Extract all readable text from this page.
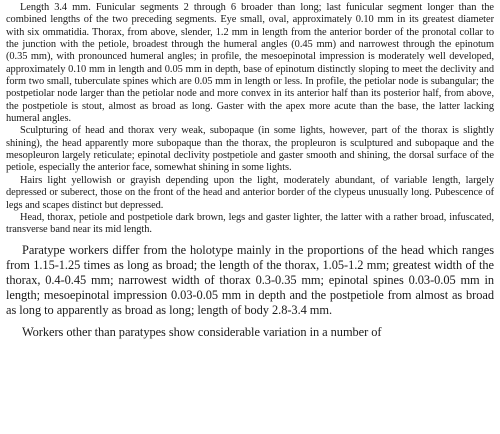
Length 3.4 mm. Funicular segments 2 through 6 broader than long; last funicular segment longer than the combined lengths of the two preceding segments. Eye small, oval, approximately 0.10 mm in its greatest diameter with six ommatidia. Thorax, from above, slender, 1.2 mm in length from the anterior border of the pronotal collar to the junction with the petiole, broadest through the humeral angles (0.45 mm) and narrowest through the epinotum (0.35 mm), with pronounced humeral angles; in profile, the mesoepinotal impression is moderately well developed, approximately 0.10 mm in length and 0.05 mm in depth, base of epinotum distinctly sloping to meet the declivity and form two small, tuberculate spines which are 0.05 mm in length or less. In profile, the petiolar node is subangular; the postpetiolar node larger than the petiolar node and more convex in its anterior half than its posterior half, from above, the postpetiole is stout, almost as broad as long. Gaster with the apex more acute than the base, the latter lacking humeral angles.

Sculpturing of head and thorax very weak, subopaque (in some lights, however, part of the thorax is slightly shining), the head apparently more subopaque than the thorax, the propleuron is sculptured and subopaque and the mesopleuron largely reticulate; epinotal declivity postpetiole and gaster smooth and shining, the dorsal surface of the petiole, especially the anterior face, somewhat shining in some lights.

Hairs light yellowish or grayish depending upon the light, moderately abundant, of variable length, largely depressed or suberect, those on the front of the head and anterior border of the clypeus unusually long. Pubescence of legs and scapes distinct but depressed.

Head, thorax, petiole and postpetiole dark brown, legs and gaster lighter, the latter with a rather broad, infuscated, transverse band near its mid length.

Paratype workers differ from the holotype mainly in the proportions of the head which ranges from 1.15-1.25 times as long as broad; the length of the thorax, 1.05-1.2 mm; greatest width of the thorax, 0.4-0.45 mm; narrowest width of thorax 0.3-0.35 mm; epinotal spines 0.03-0.05 mm in length; mesoepinotal impression 0.03-0.05 mm in depth and the postpetiole from almost as broad as long to apparently as broad as long; length of body 2.8-3.4 mm.

Workers other than paratypes show considerable variation in a number of
